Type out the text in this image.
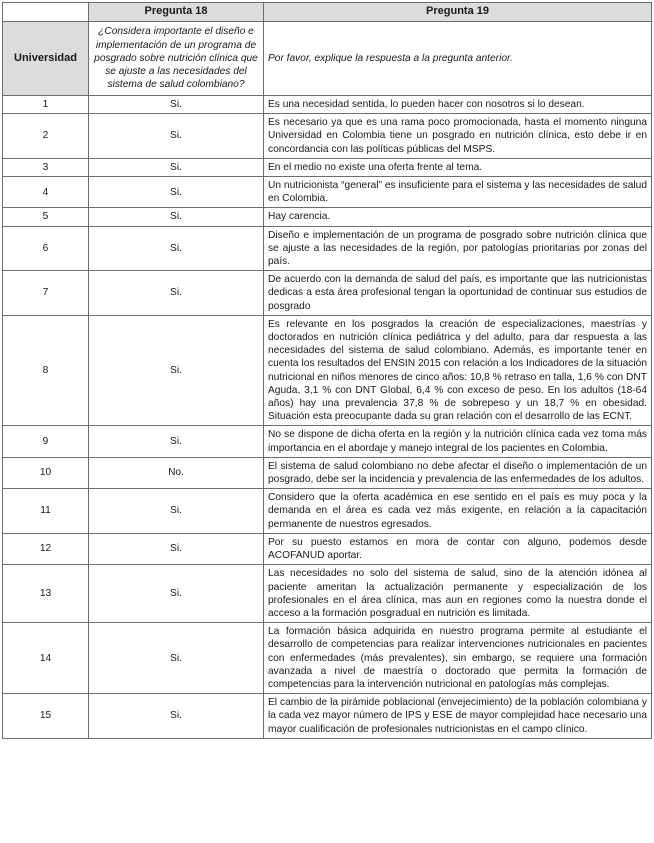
	Pregunta 18	Pregunta 19
Universidad	¿Considera importante el diseño e implementación de un programa de posgrado sobre nutrición clínica que se ajuste a las necesidades del sistema de salud colombiano?	Por favor, explique la respuesta a la pregunta anterior.
1	Si.	Es una necesidad sentida, lo pueden hacer con nosotros si lo desean.
2	Si.	Es necesario ya que es una rama poco promocionada, hasta el momento ninguna Universidad en Colombia tiene un posgrado en nutrición clínica, esto debe ir en concordancia con las políticas públicas del MSPS.
3	Si.	En el medio no existe una oferta frente al tema.
4	Si.	Un nutricionista “general” es insuficiente para el sistema y las necesidades de salud en Colombia.
5	Si.	Hay carencia.
6	Si.	Diseño e implementación de un programa de posgrado sobre nutrición clínica que se ajuste a las necesidades de la región, por patologías prioritarias por zonas del país.
7	Si.	De acuerdo con la demanda de salud del país, es importante que las nutricionistas dedicas a esta área profesional tengan la oportunidad de continuar sus estudios de posgrado
8	Si.	Es relevante en los posgrados la creación de especializaciones, maestrías y doctorados en nutrición clínica pediátrica y del adulto, para dar respuesta a las necesidades del sistema de salud colombiano. Además, es importante tener en cuenta los resultados del ENSIN 2015 con relación a los Indicadores de la situación nutricional en niños menores de cinco años: 10,8 % retraso en talla, 1,6 % con DNT Aguda, 3,1 % con DNT Global, 6,4 % con exceso de peso. En los adultos (18-64 años) hay una prevalencia 37,8 % de sobrepeso y un 18,7 % en obesidad. Situación esta preocupante dada su gran relación con el desarrollo de las ECNT.
9	Si.	No se dispone de dicha oferta en la región y la nutrición clínica cada vez toma más importancia en el abordaje y manejo integral de los pacientes en Colombia.
10	No.	El sistema de salud colombiano no debe afectar el diseño o implementación de un posgrado, debe ser la incidencia y prevalencia de las enfermedades de los adultos.
11	Si.	Considero que la oferta académica en ese sentido en el país es muy poca y la demanda en el área es cada vez más exigente, en relación a la capacitación permanente de nuestros egresados.
12	Si.	Por su puesto estamos en mora de contar con alguno, podemos desde ACOFANUD aportar.
13	Si.	Las necesidades no solo del sistema de salud, sino de la atención idónea al paciente ameritan la actualización permanente y especialización de los profesionales en el área clínica, mas aun en regiones como la nuestra donde el acceso a la formación posgradual en nutrición es limitada.
14	Si.	La formación básica adquirida en nuestro programa permite al estudiante el desarrollo de competencias para realizar intervenciones nutricionales en pacientes con enfermedades (más prevalentes), sin embargo, se requiere una formación avanzada a nivel de maestría o doctorado que permita la formación de competencias para la intervención nutricional en patologías más complejas.
15	Si.	El cambio de la pirámide poblacional (envejecimiento) de la población colombiana y la cada vez mayor número de IPS y ESE de mayor complejidad hace necesario una mayor cualificación de profesionales nutricionistas en el campo clínico.
